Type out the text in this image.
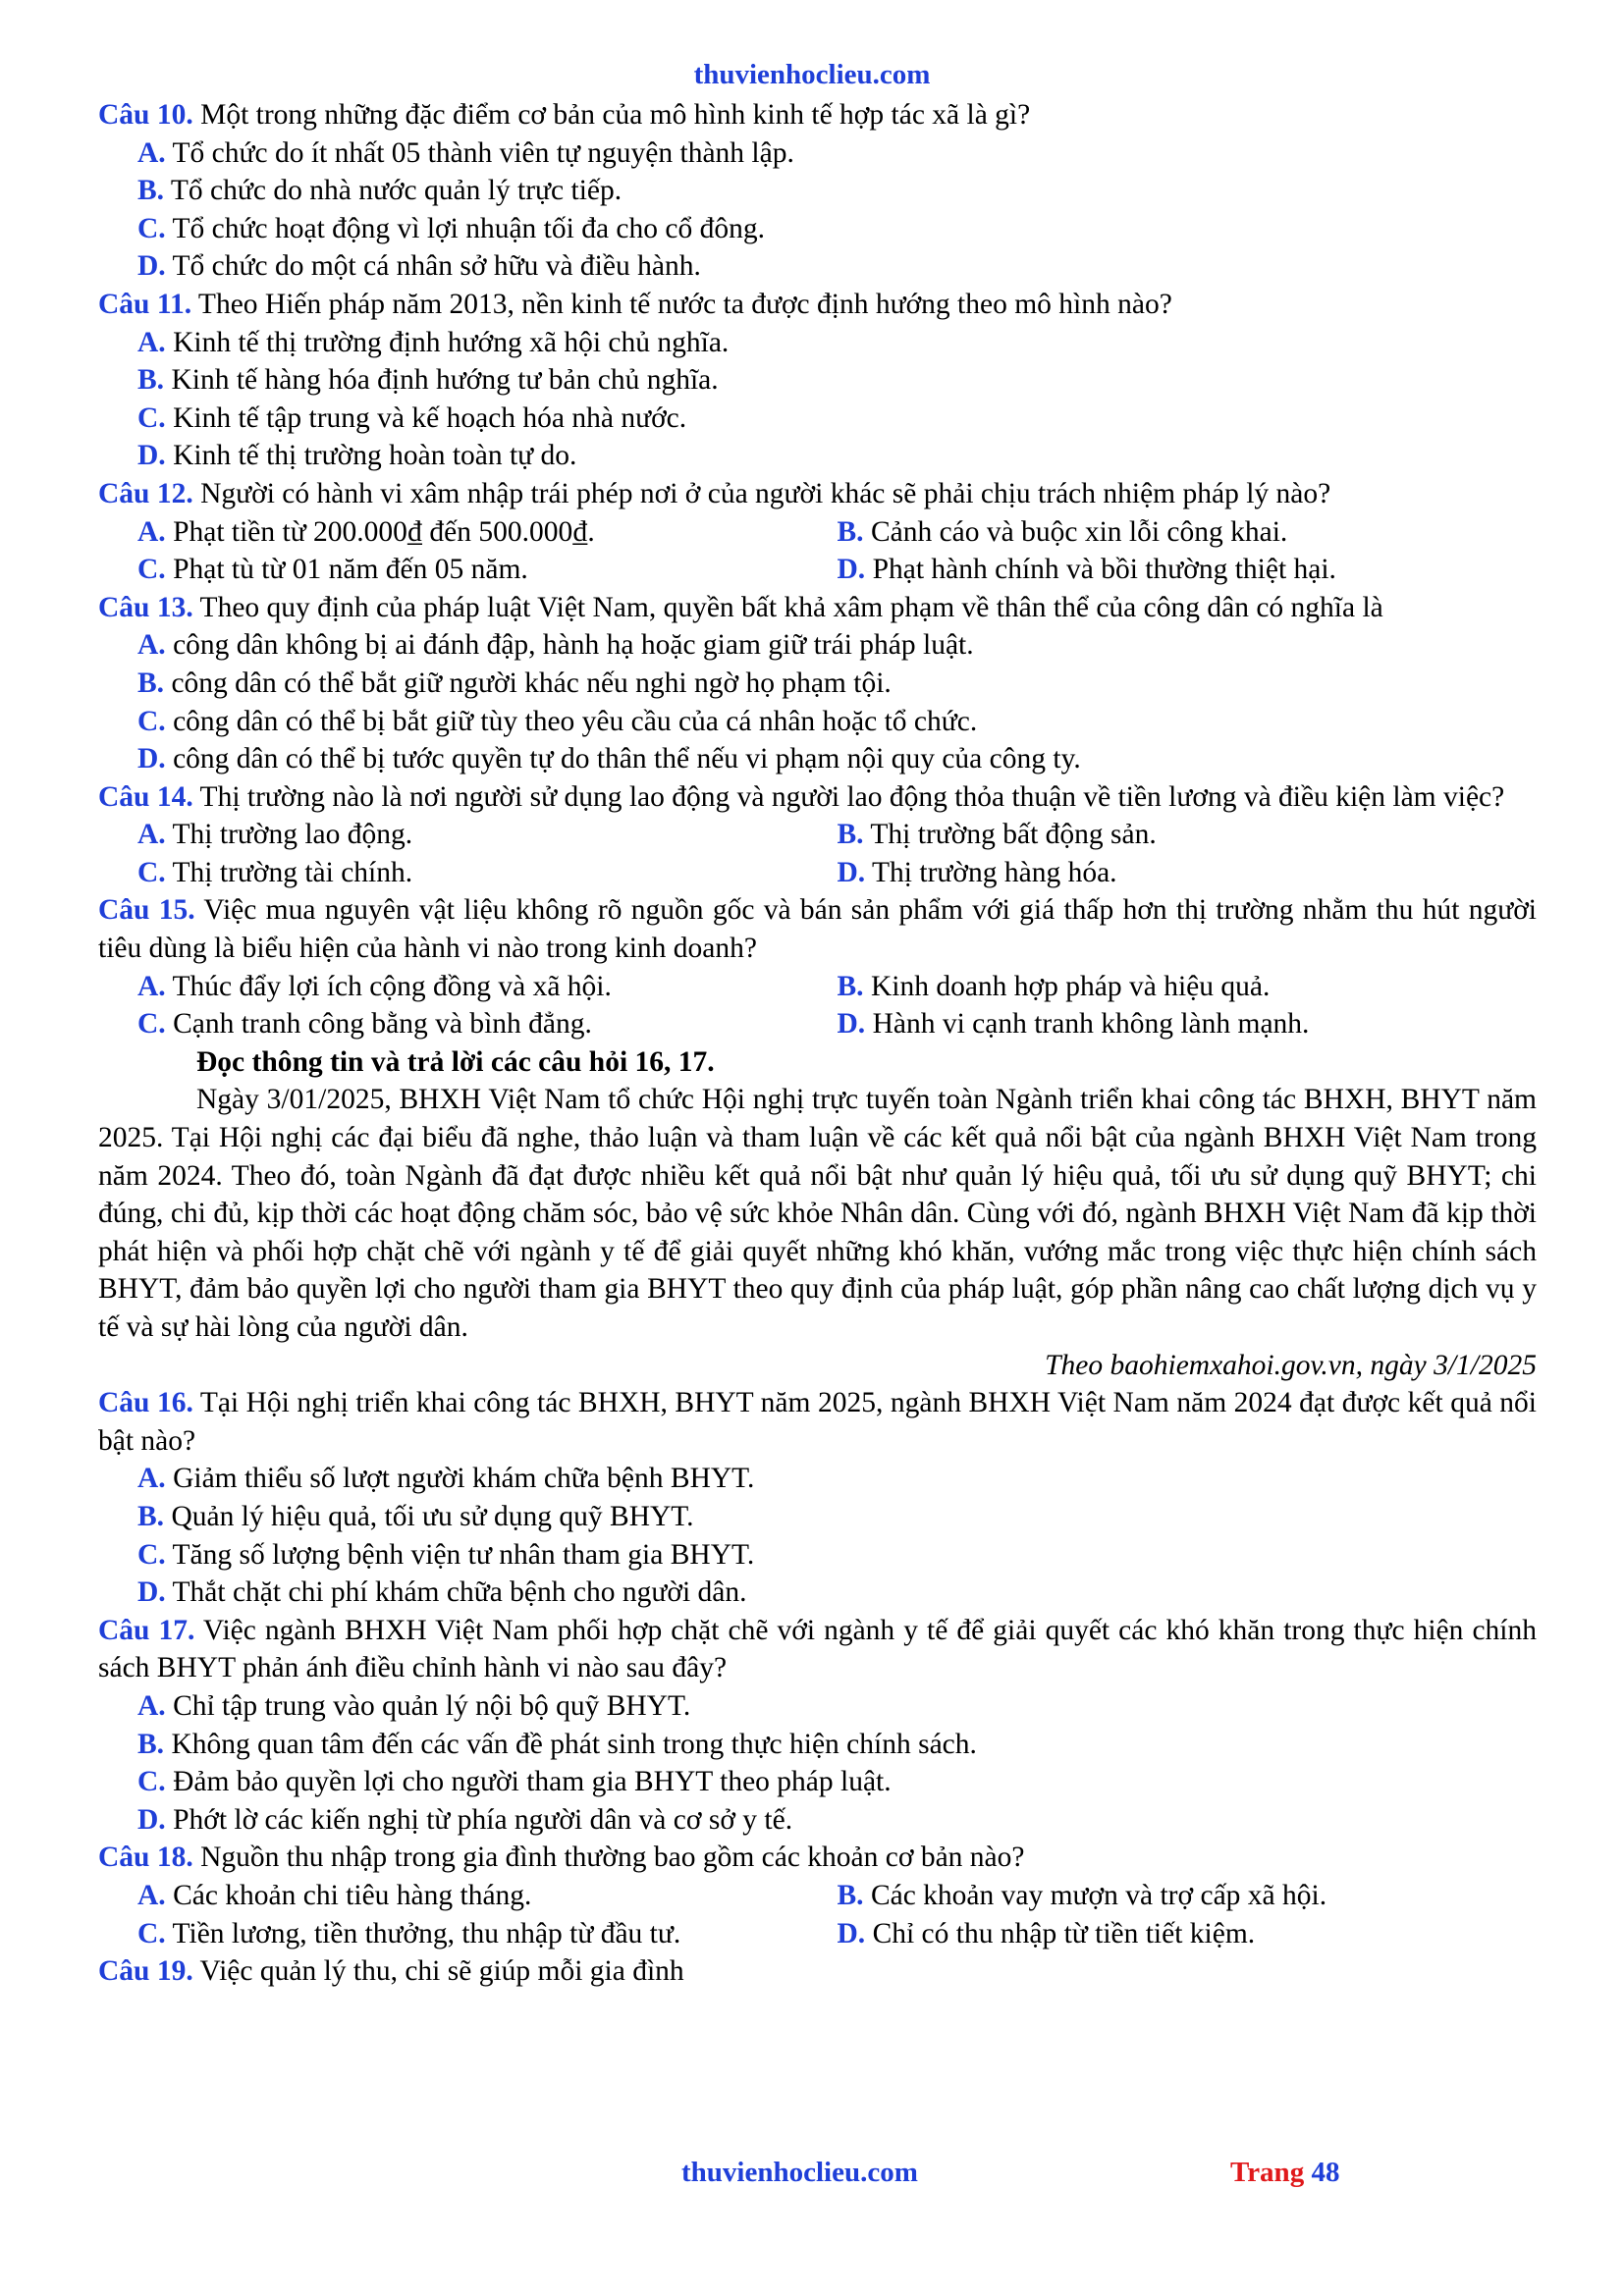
thuvienhoclieu.com

Câu 10. Một trong những đặc điểm cơ bản của mô hình kinh tế hợp tác xã là gì?

A. Tổ chức do ít nhất 05 thành viên tự nguyện thành lập.

B. Tổ chức do nhà nước quản lý trực tiếp.

C. Tổ chức hoạt động vì lợi nhuận tối đa cho cổ đông.

D. Tổ chức do một cá nhân sở hữu và điều hành.

Câu 11. Theo Hiến pháp năm 2013, nền kinh tế nước ta được định hướng theo mô hình nào?

A. Kinh tế thị trường định hướng xã hội chủ nghĩa.

B. Kinh tế hàng hóa định hướng tư bản chủ nghĩa.

C. Kinh tế tập trung và kế hoạch hóa nhà nước.

D. Kinh tế thị trường hoàn toàn tự do.

Câu 12. Người có hành vi xâm nhập trái phép nơi ở của người khác sẽ phải chịu trách nhiệm pháp lý nào?

A. Phạt tiền từ 200.000₫ đến 500.000₫.	B. Cảnh cáo và buộc xin lỗi công khai.
C. Phạt tù từ 01 năm đến 05 năm.	D. Phạt hành chính và bồi thường thiệt hại.

Câu 13. Theo quy định của pháp luật Việt Nam, quyền bất khả xâm phạm về thân thể của công dân có nghĩa là

A. công dân không bị ai đánh đập, hành hạ hoặc giam giữ trái pháp luật.

B. công dân có thể bắt giữ người khác nếu nghi ngờ họ phạm tội.

C. công dân có thể bị bắt giữ tùy theo yêu cầu của cá nhân hoặc tổ chức.

D. công dân có thể bị tước quyền tự do thân thể nếu vi phạm nội quy của công ty.

Câu 14. Thị trường nào là nơi người sử dụng lao động và người lao động thỏa thuận về tiền lương và điều kiện làm việc?

A. Thị trường lao động.	B. Thị trường bất động sản.
C. Thị trường tài chính.	D. Thị trường hàng hóa.

Câu 15. Việc mua nguyên vật liệu không rõ nguồn gốc và bán sản phẩm với giá thấp hơn thị trường nhằm thu hút người tiêu dùng là biểu hiện của hành vi nào trong kinh doanh?

A. Thúc đẩy lợi ích cộng đồng và xã hội.	B. Kinh doanh hợp pháp và hiệu quả.
C. Cạnh tranh công bằng và bình đẳng.	D. Hành vi cạnh tranh không lành mạnh.

Đọc thông tin và trả lời các câu hỏi 16, 17.

Ngày 3/01/2025, BHXH Việt Nam tổ chức Hội nghị trực tuyến toàn Ngành triển khai công tác BHXH, BHYT năm 2025. Tại Hội nghị các đại biểu đã nghe, thảo luận và tham luận về các kết quả nổi bật của ngành BHXH Việt Nam trong năm 2024. Theo đó, toàn Ngành đã đạt được nhiều kết quả nổi bật như quản lý hiệu quả, tối ưu sử dụng quỹ BHYT; chi đúng, chi đủ, kịp thời các hoạt động chăm sóc, bảo vệ sức khỏe Nhân dân. Cùng với đó, ngành BHXH Việt Nam đã kịp thời phát hiện và phối hợp chặt chẽ với ngành y tế để giải quyết những khó khăn, vướng mắc trong việc thực hiện chính sách BHYT, đảm bảo quyền lợi cho người tham gia BHYT theo quy định của pháp luật, góp phần nâng cao chất lượng dịch vụ y tế và sự hài lòng của người dân.

Theo baohiemxahoi.gov.vn, ngày 3/1/2025

Câu 16. Tại Hội nghị triển khai công tác BHXH, BHYT năm 2025, ngành BHXH Việt Nam năm 2024 đạt được kết quả nổi bật nào?

A. Giảm thiểu số lượt người khám chữa bệnh BHYT.

B. Quản lý hiệu quả, tối ưu sử dụng quỹ BHYT.

C. Tăng số lượng bệnh viện tư nhân tham gia BHYT.

D. Thắt chặt chi phí khám chữa bệnh cho người dân.

Câu 17. Việc ngành BHXH Việt Nam phối hợp chặt chẽ với ngành y tế để giải quyết các khó khăn trong thực hiện chính sách BHYT phản ánh điều chỉnh hành vi nào sau đây?

A. Chỉ tập trung vào quản lý nội bộ quỹ BHYT.

B. Không quan tâm đến các vấn đề phát sinh trong thực hiện chính sách.

C. Đảm bảo quyền lợi cho người tham gia BHYT theo pháp luật.

D. Phớt lờ các kiến nghị từ phía người dân và cơ sở y tế.

Câu 18. Nguồn thu nhập trong gia đình thường bao gồm các khoản cơ bản nào?

A. Các khoản chi tiêu hàng tháng.	B. Các khoản vay mượn và trợ cấp xã hội.
C. Tiền lương, tiền thưởng, thu nhập từ đầu tư.	D. Chỉ có thu nhập từ tiền tiết kiệm.

Câu 19. Việc quản lý thu, chi sẽ giúp mỗi gia đình

thuvienhoclieu.com	Trang 48
